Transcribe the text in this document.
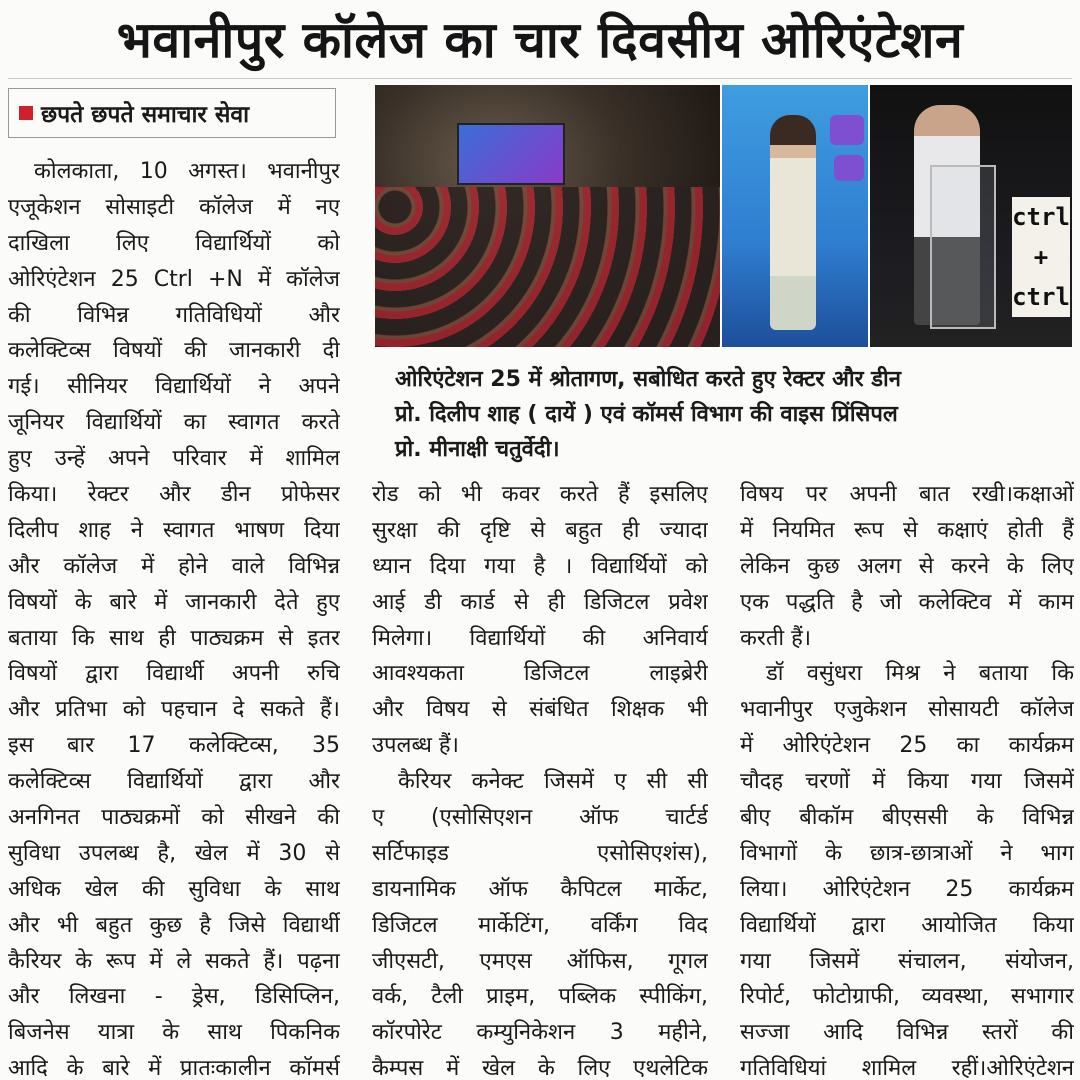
भवानीपुर कॉलेज का चार दिवसीय ओरिएंटेशन
छपते छपते समाचार सेवा
ctrl
+
ctrl
ओरिएंटेशन 25 में श्रोतागण, सबोधित करते हुए रेक्टर और डीन
प्रो. दिलीप शाह ( दायें ) एवं कॉमर्स विभाग की वाइस प्रिंसिपल
प्रो. मीनाक्षी चतुर्वेदी।
कोलकाता, 10 अगस्त। भवानीपुर
एजूकेशन सोसाइटी कॉलेज में नए
दाखिला लिए विद्यार्थियों को
ओरिएंटेशन 25 Ctrl +N में कॉलेज
की विभिन्न गतिविधियों और
कलेक्टिव्स विषयों की जानकारी दी
गई। सीनियर विद्यार्थियों ने अपने
जूनियर विद्यार्थियों का स्वागत करते
हुए उन्हें अपने परिवार में शामिल
किया। रेक्टर और डीन प्रोफेसर
दिलीप शाह ने स्वागत भाषण दिया
और कॉलेज में होने वाले विभिन्न
विषयों के बारे में जानकारी देते हुए
बताया कि साथ ही पाठ्यक्रम से इतर
विषयों द्वारा विद्यार्थी अपनी रुचि
और प्रतिभा को पहचान दे सकते हैं।
इस बार 17 कलेक्टिव्स, 35
कलेक्टिव्स विद्यार्थियों द्वारा और
अनगिनत पाठ्यक्रमों को सीखने की
सुविधा उपलब्ध है, खेल में 30 से
अधिक खेल की सुविधा के साथ
और भी बहुत कुछ है जिसे विद्यार्थी
कैरियर के रूप में ले सकते हैं। पढ़ना
और लिखना - ड्रेस, डिसिप्लिन,
बिजनेस यात्रा के साथ पिकनिक
आदि के बारे में प्रातःकालीन कॉमर्स
रोड को भी कवर करते हैं इसलिए
सुरक्षा की दृष्टि से बहुत ही ज्यादा
ध्यान दिया गया है । विद्यार्थियों को
आई डी कार्ड से ही डिजिटल प्रवेश
मिलेगा। विद्यार्थियों की अनिवार्य
आवश्यकता डिजिटल लाइब्रेरी
और विषय से संबंधित शिक्षक भी
उपलब्ध हैं।
कैरियर कनेक्ट जिसमें ए सी सी
ए (एसोसिएशन ऑफ चार्टर्ड
सर्टिफाइड एसोसिएशंस),
डायनामिक ऑफ कैपिटल मार्केट,
डिजिटल मार्केटिंग, वर्किंग विद
जीएसटी, एमएस ऑफिस, गूगल
वर्क, टैली प्राइम, पब्लिक स्पीकिंग,
कॉरपोरेट कम्युनिकेशन 3 महीने,
कैम्पस में खेल के लिए एथलेटिक
विषय पर अपनी बात रखी।कक्षाओं
में नियमित रूप से कक्षाएं होती हैं
लेकिन कुछ अलग से करने के लिए
एक पद्धति है जो कलेक्टिव में काम
करती हैं।
डॉ वसुंधरा मिश्र ने बताया कि
भवानीपुर एजुकेशन सोसायटी कॉलेज
में ओरिएंटेशन 25 का कार्यक्रम
चौदह चरणों में किया गया जिसमें
बीए बीकॉम बीएससी के विभिन्न
विभागों के छात्र-छात्राओं ने भाग
लिया। ओरिएंटेशन 25 कार्यक्रम
विद्यार्थियों द्वारा आयोजित किया
गया जिसमें संचालन, संयोजन,
रिपोर्ट, फोटोग्राफी, व्यवस्था, सभागार
सज्जा आदि विभिन्न स्तरों की
गतिविधियां शामिल रहीं।ओरिएंटेशन
